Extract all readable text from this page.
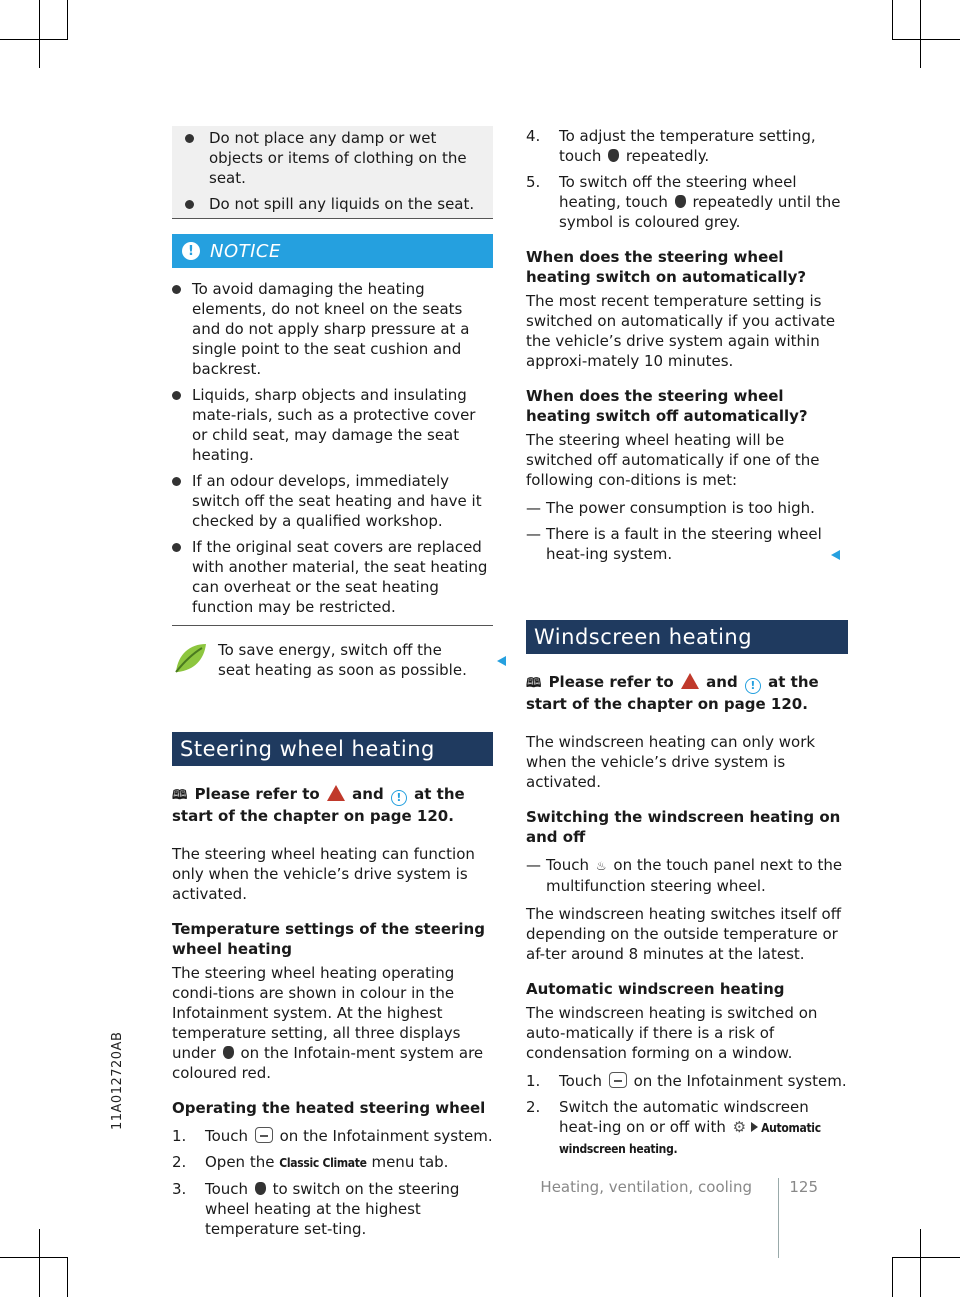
Do not place any damp or wet objects or items of clothing on the seat.
Do not spill any liquids on the seat.
! NOTICE
To avoid damaging the heating elements, do not kneel on the seats and do not apply sharp pressure at a single point to the seat cushion and backrest.
Liquids, sharp objects and insulating mate-rials, such as a protective cover or child seat, may damage the seat heating.
If an odour develops, immediately switch off the seat heating and have it checked by a qualified workshop.
If the original seat covers are replaced with another material, the seat heating can overheat or the seat heating function may be restricted.

To save energy, switch off the seat heating as soon as possible.

Steering wheel heating

🕮 Please refer to and ! at the start of the chapter on page 120.

The steering wheel heating can function only when the vehicle’s drive system is activated.

Temperature settings of the steering wheel heating

The steering wheel heating operating condi-tions are shown in colour in the Infotainment system. At the highest temperature setting, all three displays under on the Infotain-ment system are coloured red.

Operating the heated steering wheel

1. Touch on the Infotainment system.
2. Open the Classic Climate menu tab.
3. Touch to switch on the steering wheel heating at the highest temperature set-ting.
4. To adjust the temperature setting, touch repeatedly.
5. To switch off the steering wheel heating, touch repeatedly until the symbol is coloured grey.

When does the steering wheel heating switch on automatically?

The most recent temperature setting is switched on automatically if you activate the vehicle’s drive system again within approxi-mately 10 minutes.

When does the steering wheel heating switch off automatically?

The steering wheel heating will be switched off automatically if one of the following con-ditions is met:

— The power consumption is too high.
— There is a fault in the steering wheel heat-ing system.
Windscreen heating

🕮 Please refer to and ! at the start of the chapter on page 120.

The windscreen heating can only work when the vehicle’s drive system is activated.

Switching the windscreen heating on and off

— Touch ♨ on the touch panel next to the multifunction steering wheel.

The windscreen heating switches itself off depending on the outside temperature or af-ter around 8 minutes at the latest.

Automatic windscreen heating

The windscreen heating is switched on auto-matically if there is a risk of condensation forming on a window.

1. Touch on the Infotainment system.
2. Switch the automatic windscreen heat-ing on or off with ⚙ Automatic windscreen heating.
11A012720AB
Heating, ventilation, cooling 125
